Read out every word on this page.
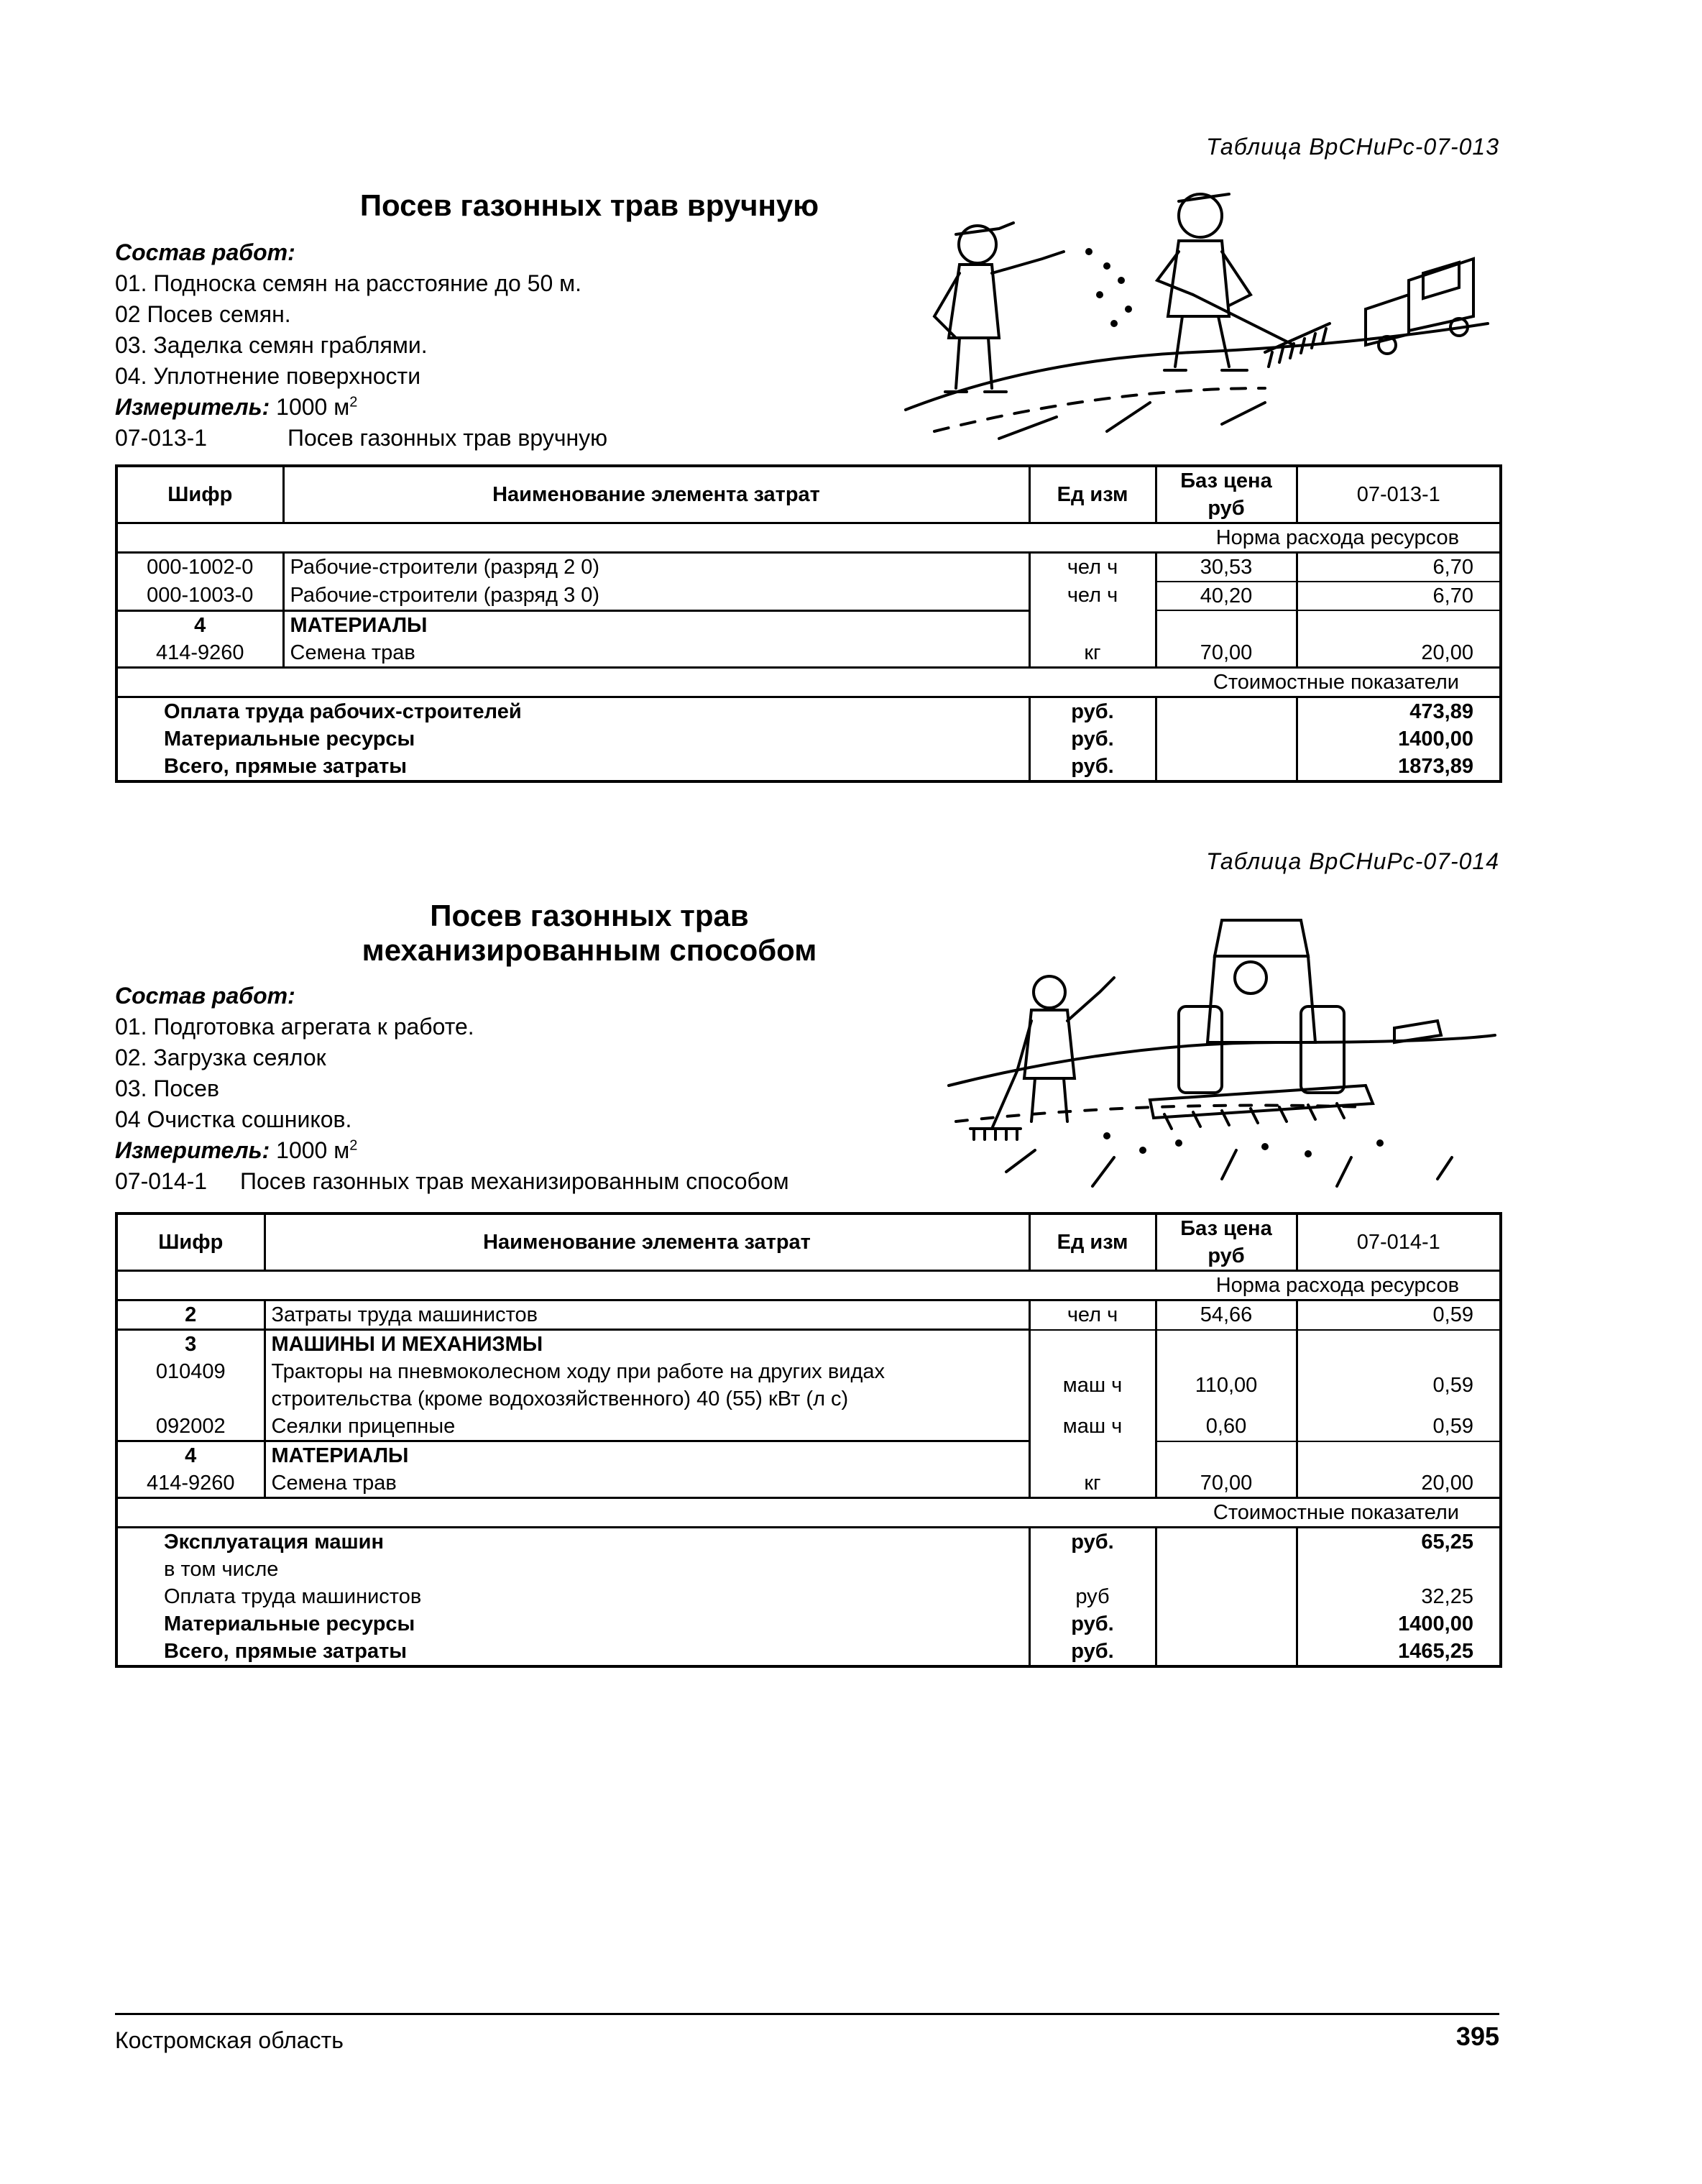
Таблица ВрСНиРс-07-013
Посев газонных трав вручную
Состав работ:
01. Подноска семян на расстояние до 50 м.
02 Посев семян.
03. Заделка семян граблями.
04. Уплотнение поверхности
Измеритель: 1000 $м^2$
07-013-1	Посев газонных трав вручную
Шифр	Наименование элемента затрат	Ед изм	Баз цена руб	07-013-1
Норма расхода ресурсов				
000-1002-0	Рабочие-строители (разряд 2 0)	чел ч	30,53	6,70
000-1003-0	Рабочие-строители (разряд 3 0)	чел ч	40,20	6,70
4	МАТЕРИАЛЫ			
414-9260	Семена трав	кг	70,00	20,00
Стоимостные показатели				
Оплата труда рабочих-строителей		руб.		473,89
Материальные ресурсы		руб.		1400,00
Всего, прямые затраты		руб.		1873,89
Таблица ВрСНиРс-07-014
Посев газонных трав
механизированным способом
Состав работ:
01. Подготовка агрегата к работе.
02. Загрузка сеялок
03. Посев
04 Очистка сошников.
Измеритель: 1000 $м^2$
07-014-1 Посев газонных трав механизированным способом
Шифр	Наименование элемента затрат	Ед изм	Баз цена руб	07-014-1
Норма расхода ресурсов				
2	Затраты труда машинистов	чел ч	54,66	0,59
3	МАШИНЫ И МЕХАНИЗМЫ			
010409	Тракторы на пневмоколесном ходу при работе на других видах строительства (кроме водохозяйственного) 40 (55) кВт (л с)	маш ч	110,00	0,59
092002	Сеялки прицепные	маш ч	0,60	0,59
4	МАТЕРИАЛЫ			
414-9260	Семена трав	кг	70,00	20,00
Стоимостные показатели				
Эксплуатация машин		руб.		65,25
в том числе				
Оплата труда машинистов		руб		32,25
Материальные ресурсы		руб.		1400,00
Всего, прямые затраты		руб.		1465,25
Костромская область	395
